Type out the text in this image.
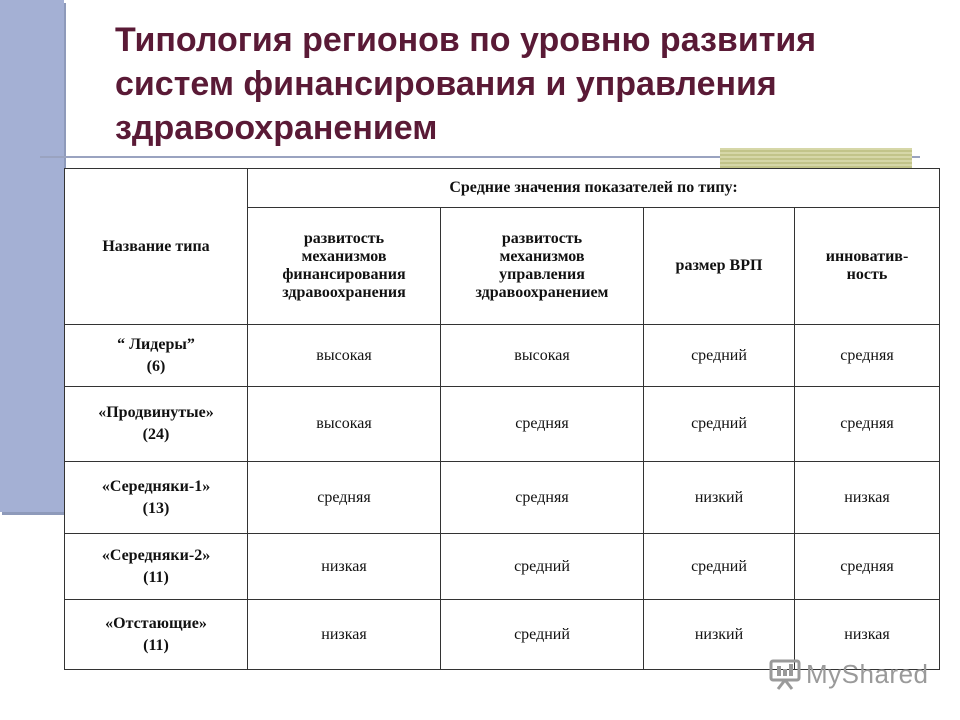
Типология регионов по уровню развития систем финансирования и управления здравоохранением
Название типа	Средние значения показателей по типу:			
	развитость
механизмов
финансирования
здравоохранения	развитость
механизмов
управления
здравоохранением	размер ВРП	инноватив-
ность
“ Лидеры”
(6)	высокая	высокая	средний	средняя
«Продвинутые»
(24)	высокая	средняя	средний	средняя
«Середняки-1»
(13)	средняя	средняя	низкий	низкая
«Середняки-2»
(11)	низкая	средний	средний	средняя
«Отстающие»
(11)	низкая	средний	низкий	низкая
MyShared
